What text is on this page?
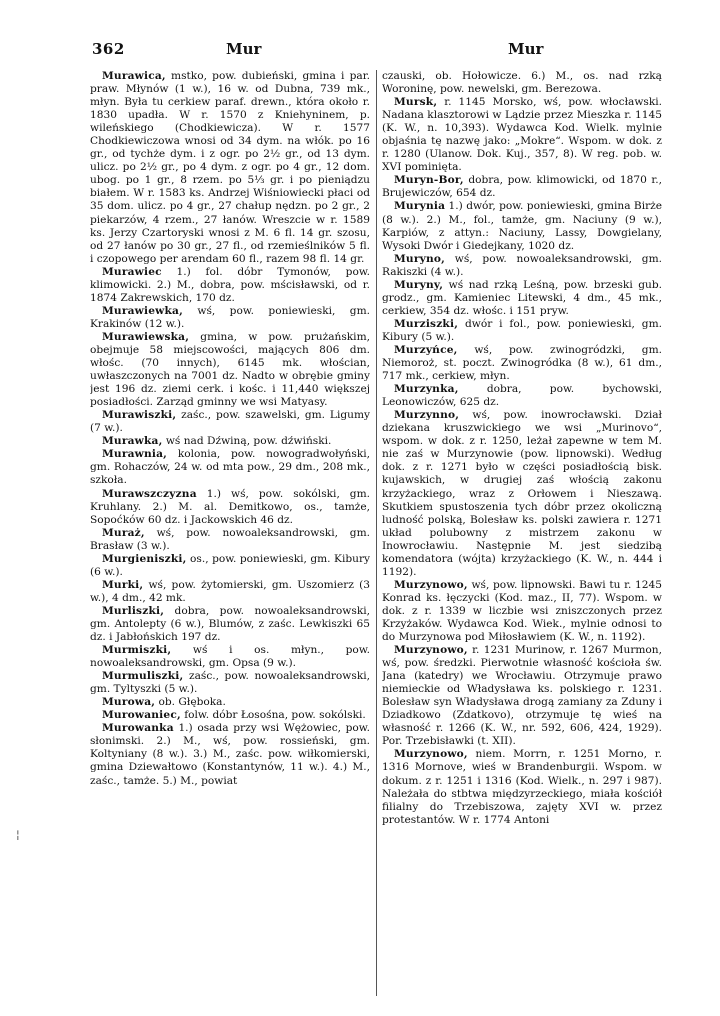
362	Mur	Mur
¦

Murawica, mstko, pow. dubieński, gmina i par. praw. Młynów (1 w.), 16 w. od Dubna, 739 mk., młyn. Była tu cerkiew paraf. drewn., która około r. 1830 upadła. W r. 1570 z Kniehyninem, p. wileńskiego (Chodkiewicza). W r. 1577 Chodkiewiczowa wnosi od 34 dym. na włók. po 16 gr., od tychże dym. i z ogr. po 2½ gr., od 13 dym. ulicz. po 2½ gr., po 4 dym. z ogr. po 4 gr., 12 dom. ubog. po 1 gr., 8 rzem. po 5⅓ gr. i po pieniądzu białem. W r. 1583 ks. Andrzej Wiśniowiecki płaci od 35 dom. ulicz. po 4 gr., 27 chałup nędzn. po 2 gr., 2 piekarzów, 4 rzem., 27 łanów. Wreszcie w r. 1589 ks. Jerzy Czartoryski wnosi z M. 6 fl. 14 gr. szosu, od 27 łanów po 30 gr., 27 fl., od rzemieślników 5 fl. i czopowego per arendam 60 fl., razem 98 fl. 14 gr.

Murawiec 1.) fol. dóbr Tymonów, pow. klimowicki. 2.) M., dobra, pow. mścisławski, od r. 1874 Zakrewskich, 170 dz.

Murawiewka, wś, pow. poniewieski, gm. Krakinów (12 w.).

Murawiewska, gmina, w pow. prużańskim, obejmuje 58 miejscowości, mających 806 dm. włośc. (70 innych), 6145 mk. włościan, uwłaszczonych na 7001 dz. Nadto w obrębie gminy jest 196 dz. ziemi cerk. i kośc. i 11,440 większej posiadłości. Zarząd gminny we wsi Matyasy.

Murawiszki, zaśc., pow. szawelski, gm. Ligumy (7 w.).

Murawka, wś nad Dźwiną, pow. dźwiński.

Murawnia, kolonia, pow. nowogradwołyński, gm. Rohaczów, 24 w. od mta pow., 29 dm., 208 mk., szkoła.

Murawszczyzna 1.) wś, pow. sokólski, gm. Kruhlany. 2.) M. al. Demitkowo, os., tamże, Sopoćków 60 dz. i Jackowskich 46 dz.

Muraż, wś, pow. nowoaleksandrowski, gm. Brasław (3 w.).

Murgieniszki, os., pow. poniewieski, gm. Kibury (6 w.).

Murki, wś, pow. żytomierski, gm. Uszomierz (3 w.), 4 dm., 42 mk.

Murliszki, dobra, pow. nowoaleksandrowski, gm. Antolepty (6 w.), Blumów, z zaśc. Lewkiszki 65 dz. i Jabłońskich 197 dz.

Murmiszki, wś i os. młyn., pow. nowoaleksandrowski, gm. Opsa (9 w.).

Murmuliszki, zaśc., pow. nowoaleksandrowski, gm. Tyltyszki (5 w.).

Murowa, ob. Głęboka.

Murowaniec, folw. dóbr Łosośna, pow. sokólski.

Murowanka 1.) osada przy wsi Wężowiec, pow. słonimski. 2.) M., wś, pow. rossieński, gm. Koltyniany (8 w.). 3.) M., zaśc. pow. wiłkomierski, gmina Dziewałtowo (Konstantynów, 11 w.). 4.) M., zaśc., tamże. 5.) M., powiat

czauski, ob. Hołowicze. 6.) M., os. nad rzką Woroninę, pow. newelski, gm. Berezowa.

Mursk, r. 1145 Morsko, wś, pow. włocławski. Nadana klasztorowi w Lądzie przez Mieszka r. 1145 (K. W., n. 10,393). Wydawca Kod. Wielk. mylnie objaśnia tę nazwę jako: „Mokre“. Wspom. w dok. z r. 1280 (Ulanow. Dok. Kuj., 357, 8). W reg. pob. w. XVI pominięta.

Muryn-Bor, dobra, pow. klimowicki, od 1870 r., Brujewiczów, 654 dz.

Murynia 1.) dwór, pow. poniewieski, gmina Birże (8 w.). 2.) M., fol., tamże, gm. Naciuny (9 w.), Karpiów, z attyn.: Naciuny, Lassy, Dowgielany, Wysoki Dwór i Giedejkany, 1020 dz.

Muryno, wś, pow. nowoaleksandrowski, gm. Rakiszki (4 w.).

Muryny, wś nad rzką Leśną, pow. brzeski gub. grodz., gm. Kamieniec Litewski, 4 dm., 45 mk., cerkiew, 354 dz. włośc. i 151 pryw.

Murziszki, dwór i fol., pow. poniewieski, gm. Kibury (5 w.).

Murzyńce, wś, pow. zwinogródzki, gm. Niemoroż, st. poczt. Zwinogródka (8 w.), 61 dm., 717 mk., cerkiew, młyn.

Murzynka, dobra, pow. bychowski, Leonowiczów, 625 dz.

Murzynno, wś, pow. inowrocławski. Dział dziekana kruszwickiego we wsi „Murinovo“, wspom. w dok. z r. 1250, leżał zapewne w tem M. nie zaś w Murzynowie (pow. lipnowski). Według dok. z r. 1271 było w części posiadłością bisk. kujawskich, w drugiej zaś włością zakonu krzyżackiego, wraz z Orłowem i Nieszawą. Skutkiem spustoszenia tych dóbr przez okoliczną ludność polską, Bolesław ks. polski zawiera r. 1271 układ polubowny z mistrzem zakonu w Inowrocławiu. Następnie M. jest siedzibą komendatora (wójta) krzyżackiego (K. W., n. 444 i 1192).

Murzynowo, wś, pow. lipnowski. Bawi tu r. 1245 Konrad ks. łęczycki (Kod. maz., II, 77). Wspom. w dok. z r. 1339 w liczbie wsi zniszczonych przez Krzyżaków. Wydawca Kod. Wiek., mylnie odnosi to do Murzynowa pod Miłosławiem (K. W., n. 1192).

Murzynowo, r. 1231 Murinow, r. 1267 Murmon, wś, pow. średzki. Pierwotnie własność kościoła św. Jana (katedry) we Wrocławiu. Otrzymuje prawo niemieckie od Władysława ks. polskiego r. 1231. Bolesław syn Władysława drogą zamiany za Zduny i Dziadkowo (Zdatkovo), otrzymuje tę wieś na własność r. 1266 (K. W., nr. 592, 606, 424, 1929). Por. Trzebisławki (t. XII).

Murzynowo, niem. Morrn, r. 1251 Morno, r. 1316 Mornove, wieś w Brandenburgii. Wspom. w dokum. z r. 1251 i 1316 (Kod. Wielk., n. 297 i 987). Należała do stbtwa międzyrzeckiego, miała kościół filialny do Trzebiszowa, zajęty XVI w. przez protestantów. W r. 1774 Antoni
